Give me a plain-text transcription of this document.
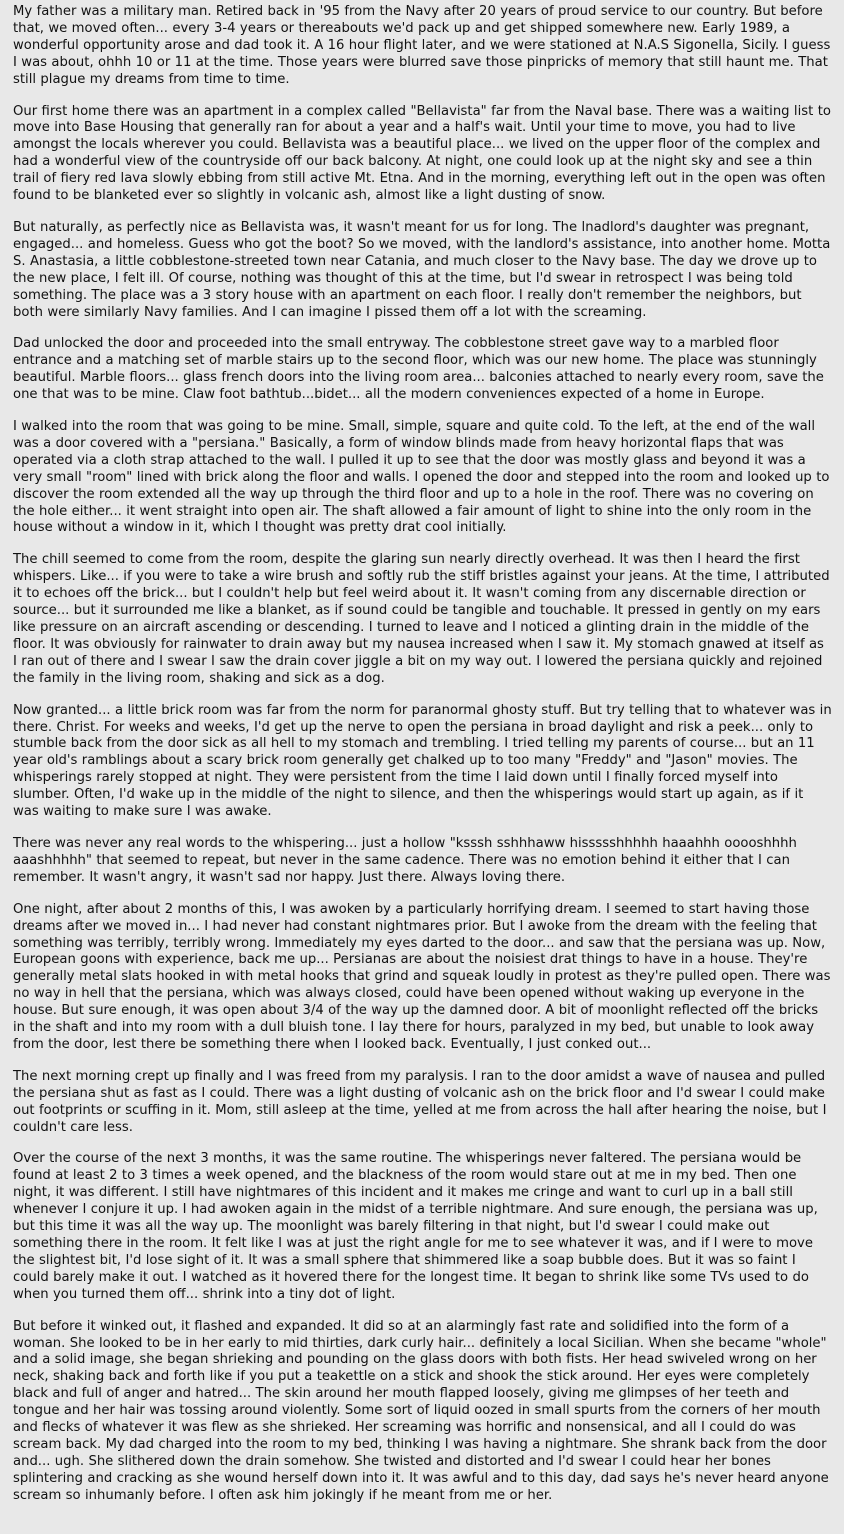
My father was a military man. Retired back in '95 from the Navy after 20 years of proud service to our country. But before that, we moved often... every 3-4 years or thereabouts we'd pack up and get shipped somewhere new. Early 1989, a wonderful opportunity arose and dad took it. A 16 hour flight later, and we were stationed at N.A.S Sigonella, Sicily. I guess I was about, ohhh 10 or 11 at the time. Those years were blurred save those pinpricks of memory that still haunt me. That still plague my dreams from time to time.

Our first home there was an apartment in a complex called "Bellavista" far from the Naval base. There was a waiting list to move into Base Housing that generally ran for about a year and a half's wait. Until your time to move, you had to live amongst the locals wherever you could. Bellavista was a beautiful place... we lived on the upper floor of the complex and had a wonderful view of the countryside off our back balcony. At night, one could look up at the night sky and see a thin trail of fiery red lava slowly ebbing from still active Mt. Etna. And in the morning, everything left out in the open was often found to be blanketed ever so slightly in volcanic ash, almost like a light dusting of snow.

But naturally, as perfectly nice as Bellavista was, it wasn't meant for us for long. The lnadlord's daughter was pregnant, engaged... and homeless. Guess who got the boot? So we moved, with the landlord's assistance, into another home. Motta S. Anastasia, a little cobblestone-streeted town near Catania, and much closer to the Navy base. The day we drove up to the new place, I felt ill. Of course, nothing was thought of this at the time, but I'd swear in retrospect I was being told something. The place was a 3 story house with an apartment on each floor. I really don't remember the neighbors, but both were similarly Navy families. And I can imagine I pissed them off a lot with the screaming.

Dad unlocked the door and proceeded into the small entryway. The cobblestone street gave way to a marbled floor entrance and a matching set of marble stairs up to the second floor, which was our new home. The place was stunningly beautiful. Marble floors... glass french doors into the living room area... balconies attached to nearly every room, save the one that was to be mine. Claw foot bathtub...bidet... all the modern conveniences expected of a home in Europe.

I walked into the room that was going to be mine. Small, simple, square and quite cold. To the left, at the end of the wall was a door covered with a "persiana." Basically, a form of window blinds made from heavy horizontal flaps that was operated via a cloth strap attached to the wall. I pulled it up to see that the door was mostly glass and beyond it was a very small "room" lined with brick along the floor and walls. I opened the door and stepped into the room and looked up to discover the room extended all the way up through the third floor and up to a hole in the roof. There was no covering on the hole either... it went straight into open air. The shaft allowed a fair amount of light to shine into the only room in the house without a window in it, which I thought was pretty drat cool initially.

The chill seemed to come from the room, despite the glaring sun nearly directly overhead. It was then I heard the first whispers. Like... if you were to take a wire brush and softly rub the stiff bristles against your jeans. At the time, I attributed it to echoes off the brick... but I couldn't help but feel weird about it. It wasn't coming from any discernable direction or source... but it surrounded me like a blanket, as if sound could be tangible and touchable. It pressed in gently on my ears like pressure on an aircraft ascending or descending. I turned to leave and I noticed a glinting drain in the middle of the floor. It was obviously for rainwater to drain away but my nausea increased when I saw it. My stomach gnawed at itself as I ran out of there and I swear I saw the drain cover jiggle a bit on my way out. I lowered the persiana quickly and rejoined the family in the living room, shaking and sick as a dog.

Now granted... a little brick room was far from the norm for paranormal ghosty stuff. But try telling that to whatever was in there. Christ. For weeks and weeks, I'd get up the nerve to open the persiana in broad daylight and risk a peek... only to stumble back from the door sick as all hell to my stomach and trembling. I tried telling my parents of course... but an 11 year old's ramblings about a scary brick room generally get chalked up to too many "Freddy" and "Jason" movies. The whisperings rarely stopped at night. They were persistent from the time I laid down until I finally forced myself into slumber. Often, I'd wake up in the middle of the night to silence, and then the whisperings would start up again, as if it was waiting to make sure I was awake.

There was never any real words to the whispering... just a hollow "ksssh sshhhaww hissssshhhhh haaahhh ooooshhhh aaashhhhh" that seemed to repeat, but never in the same cadence. There was no emotion behind it either that I can remember. It wasn't angry, it wasn't sad nor happy. Just there. Always loving there.

One night, after about 2 months of this, I was awoken by a particularly horrifying dream. I seemed to start having those dreams after we moved in... I had never had constant nightmares prior. But I awoke from the dream with the feeling that something was terribly, terribly wrong. Immediately my eyes darted to the door... and saw that the persiana was up. Now, European goons with experience, back me up... Persianas are about the noisiest drat things to have in a house. They're generally metal slats hooked in with metal hooks that grind and squeak loudly in protest as they're pulled open. There was no way in hell that the persiana, which was always closed, could have been opened without waking up everyone in the house. But sure enough, it was open about 3/4 of the way up the damned door. A bit of moonlight reflected off the bricks in the shaft and into my room with a dull bluish tone. I lay there for hours, paralyzed in my bed, but unable to look away from the door, lest there be something there when I looked back. Eventually, I just conked out...

The next morning crept up finally and I was freed from my paralysis. I ran to the door amidst a wave of nausea and pulled the persiana shut as fast as I could. There was a light dusting of volcanic ash on the brick floor and I'd swear I could make out footprints or scuffing in it. Mom, still asleep at the time, yelled at me from across the hall after hearing the noise, but I couldn't care less.

Over the course of the next 3 months, it was the same routine. The whisperings never faltered. The persiana would be found at least 2 to 3 times a week opened, and the blackness of the room would stare out at me in my bed. Then one night, it was different. I still have nightmares of this incident and it makes me cringe and want to curl up in a ball still whenever I conjure it up. I had awoken again in the midst of a terrible nightmare. And sure enough, the persiana was up, but this time it was all the way up. The moonlight was barely filtering in that night, but I'd swear I could make out something there in the room. It felt like I was at just the right angle for me to see whatever it was, and if I were to move the slightest bit, I'd lose sight of it. It was a small sphere that shimmered like a soap bubble does. But it was so faint I could barely make it out. I watched as it hovered there for the longest time. It began to shrink like some TVs used to do when you turned them off... shrink into a tiny dot of light.

But before it winked out, it flashed and expanded. It did so at an alarmingly fast rate and solidified into the form of a woman. She looked to be in her early to mid thirties, dark curly hair... definitely a local Sicilian. When she became "whole" and a solid image, she began shrieking and pounding on the glass doors with both fists. Her head swiveled wrong on her neck, shaking back and forth like if you put a teakettle on a stick and shook the stick around. Her eyes were completely black and full of anger and hatred... The skin around her mouth flapped loosely, giving me glimpses of her teeth and tongue and her hair was tossing around violently. Some sort of liquid oozed in small spurts from the corners of her mouth and flecks of whatever it was flew as she shrieked. Her screaming was horrific and nonsensical, and all I could do was scream back. My dad charged into the room to my bed, thinking I was having a nightmare. She shrank back from the door and... ugh. She slithered down the drain somehow. She twisted and distorted and I'd swear I could hear her bones splintering and cracking as she wound herself down into it. It was awful and to this day, dad says he's never heard anyone scream so inhumanly before. I often ask him jokingly if he meant from me or her.
